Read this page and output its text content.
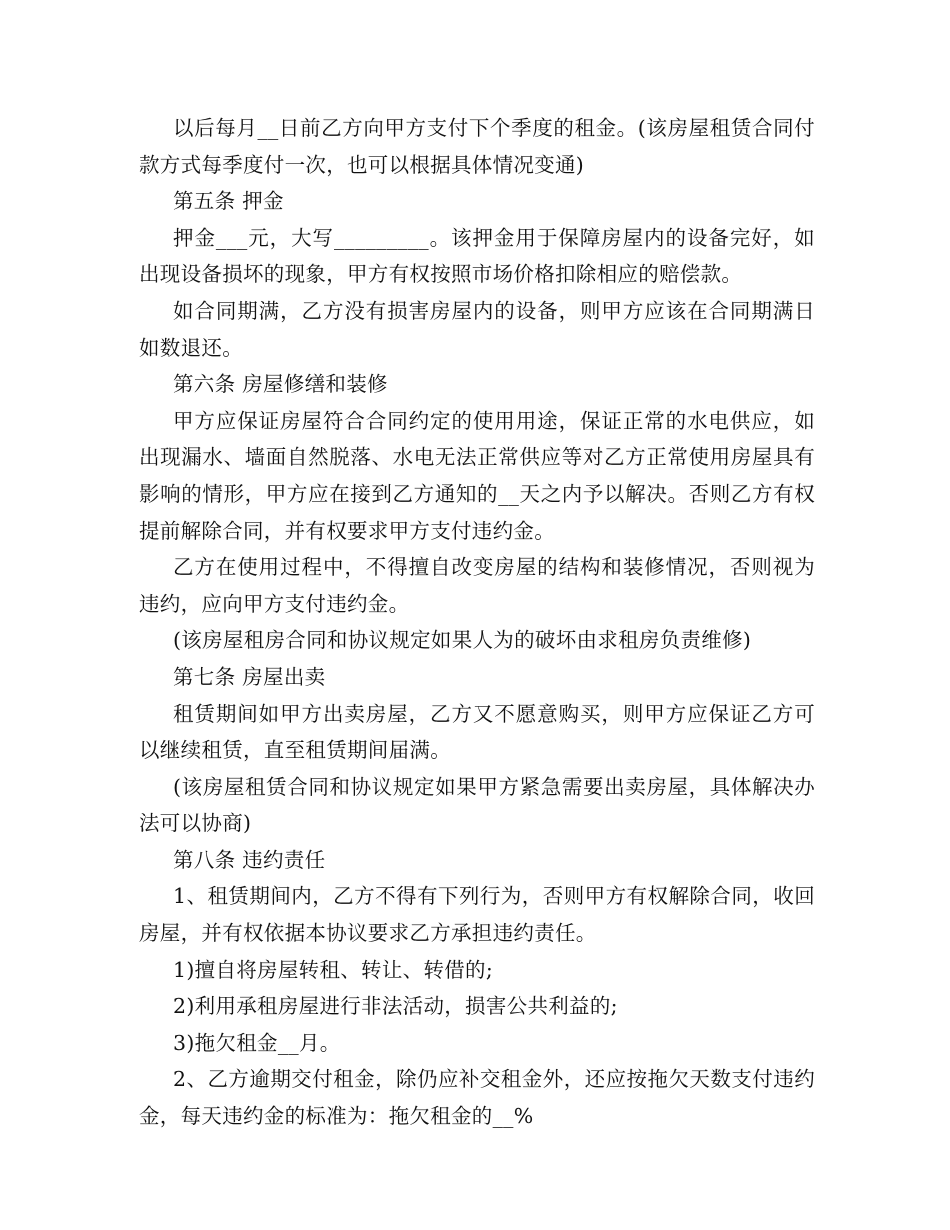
以后每月__日前乙方向甲方支付下个季度的租金。(该房屋租赁合同付款方式每季度付一次，也可以根据具体情况变通)

第五条 押金

押金___元，大写_________。该押金用于保障房屋内的设备完好，如出现设备损坏的现象，甲方有权按照市场价格扣除相应的赔偿款。

如合同期满，乙方没有损害房屋内的设备，则甲方应该在合同期满日如数退还。

第六条 房屋修缮和装修

甲方应保证房屋符合合同约定的使用用途，保证正常的水电供应，如出现漏水、墙面自然脱落、水电无法正常供应等对乙方正常使用房屋具有影响的情形，甲方应在接到乙方通知的__天之内予以解决。否则乙方有权提前解除合同，并有权要求甲方支付违约金。

乙方在使用过程中，不得擅自改变房屋的结构和装修情况，否则视为违约，应向甲方支付违约金。

(该房屋租房合同和协议规定如果人为的破坏由求租房负责维修)

第七条 房屋出卖

租赁期间如甲方出卖房屋，乙方又不愿意购买，则甲方应保证乙方可以继续租赁，直至租赁期间届满。

(该房屋租赁合同和协议规定如果甲方紧急需要出卖房屋，具体解决办法可以协商)

第八条 违约责任

1、租赁期间内，乙方不得有下列行为，否则甲方有权解除合同，收回房屋，并有权依据本协议要求乙方承担违约责任。

1)擅自将房屋转租、转让、转借的;

2)利用承租房屋进行非法活动，损害公共利益的;

3)拖欠租金__月。

2、乙方逾期交付租金，除仍应补交租金外，还应按拖欠天数支付违约金，每天违约金的标准为：拖欠租金的__%
